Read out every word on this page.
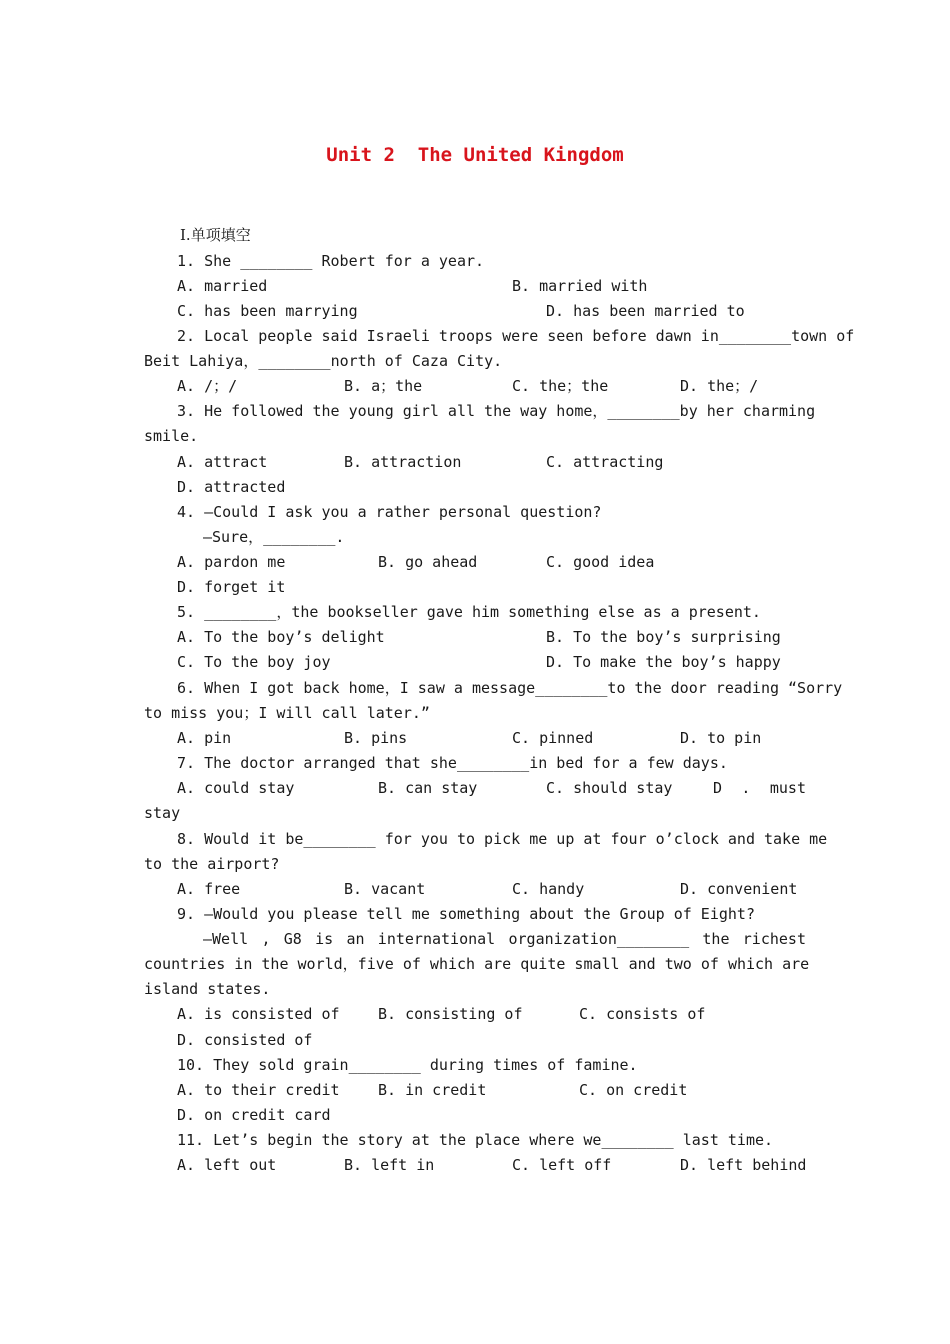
Unit 2  The United Kingdom
Ⅰ.单项填空
1. She ________ Robert for a year.
A. married	B. married with
C. has been marrying	D. has been married to
2. Local people said Israeli troops were seen before dawn in________town of
Beit Lahiya，________north of Caza City.
A. /；/	B. a；the	C. the；the	D. the；/
3. He followed the young girl all the way home，________by her charming
smile.
A. attract	B. attraction	C. attracting
D. attracted
4. —Could I ask you a rather personal question?
—Sure，________.
A. pardon me	B. go ahead	C. good idea
D. forget it
5. ________，the bookseller gave him something else as a present.
A. To the boy’s delight	B. To the boy’s surprising
C. To the boy joy	D. To make the boy’s happy
6. When I got back home，I saw a message________to the door reading “Sorry
to miss you；I will call later.”
A. pin	B. pins	C. pinned	D. to pin
7. The doctor arranged that she________in bed for a few days.
A. could stay	B. can stay	C. should stay	D . must
stay
8. Would it be________ for you to pick me up at four o’clock and take me
to the airport?
A. free	B. vacant	C. handy	D. convenient
9. —Would you please tell me something about the Group of Eight?
—Well , G8 is an international organization________ the richest
countries in the world，five of which are quite small and two of which are
island states.
A. is consisted of	B. consisting of	C. consists of
D. consisted of
10. They sold grain________ during times of famine.
A. to their credit	B. in credit	C. on credit
D. on credit card
11. Let’s begin the story at the place where we________ last time.
A. left out	B. left in	C. left off	D. left behind
